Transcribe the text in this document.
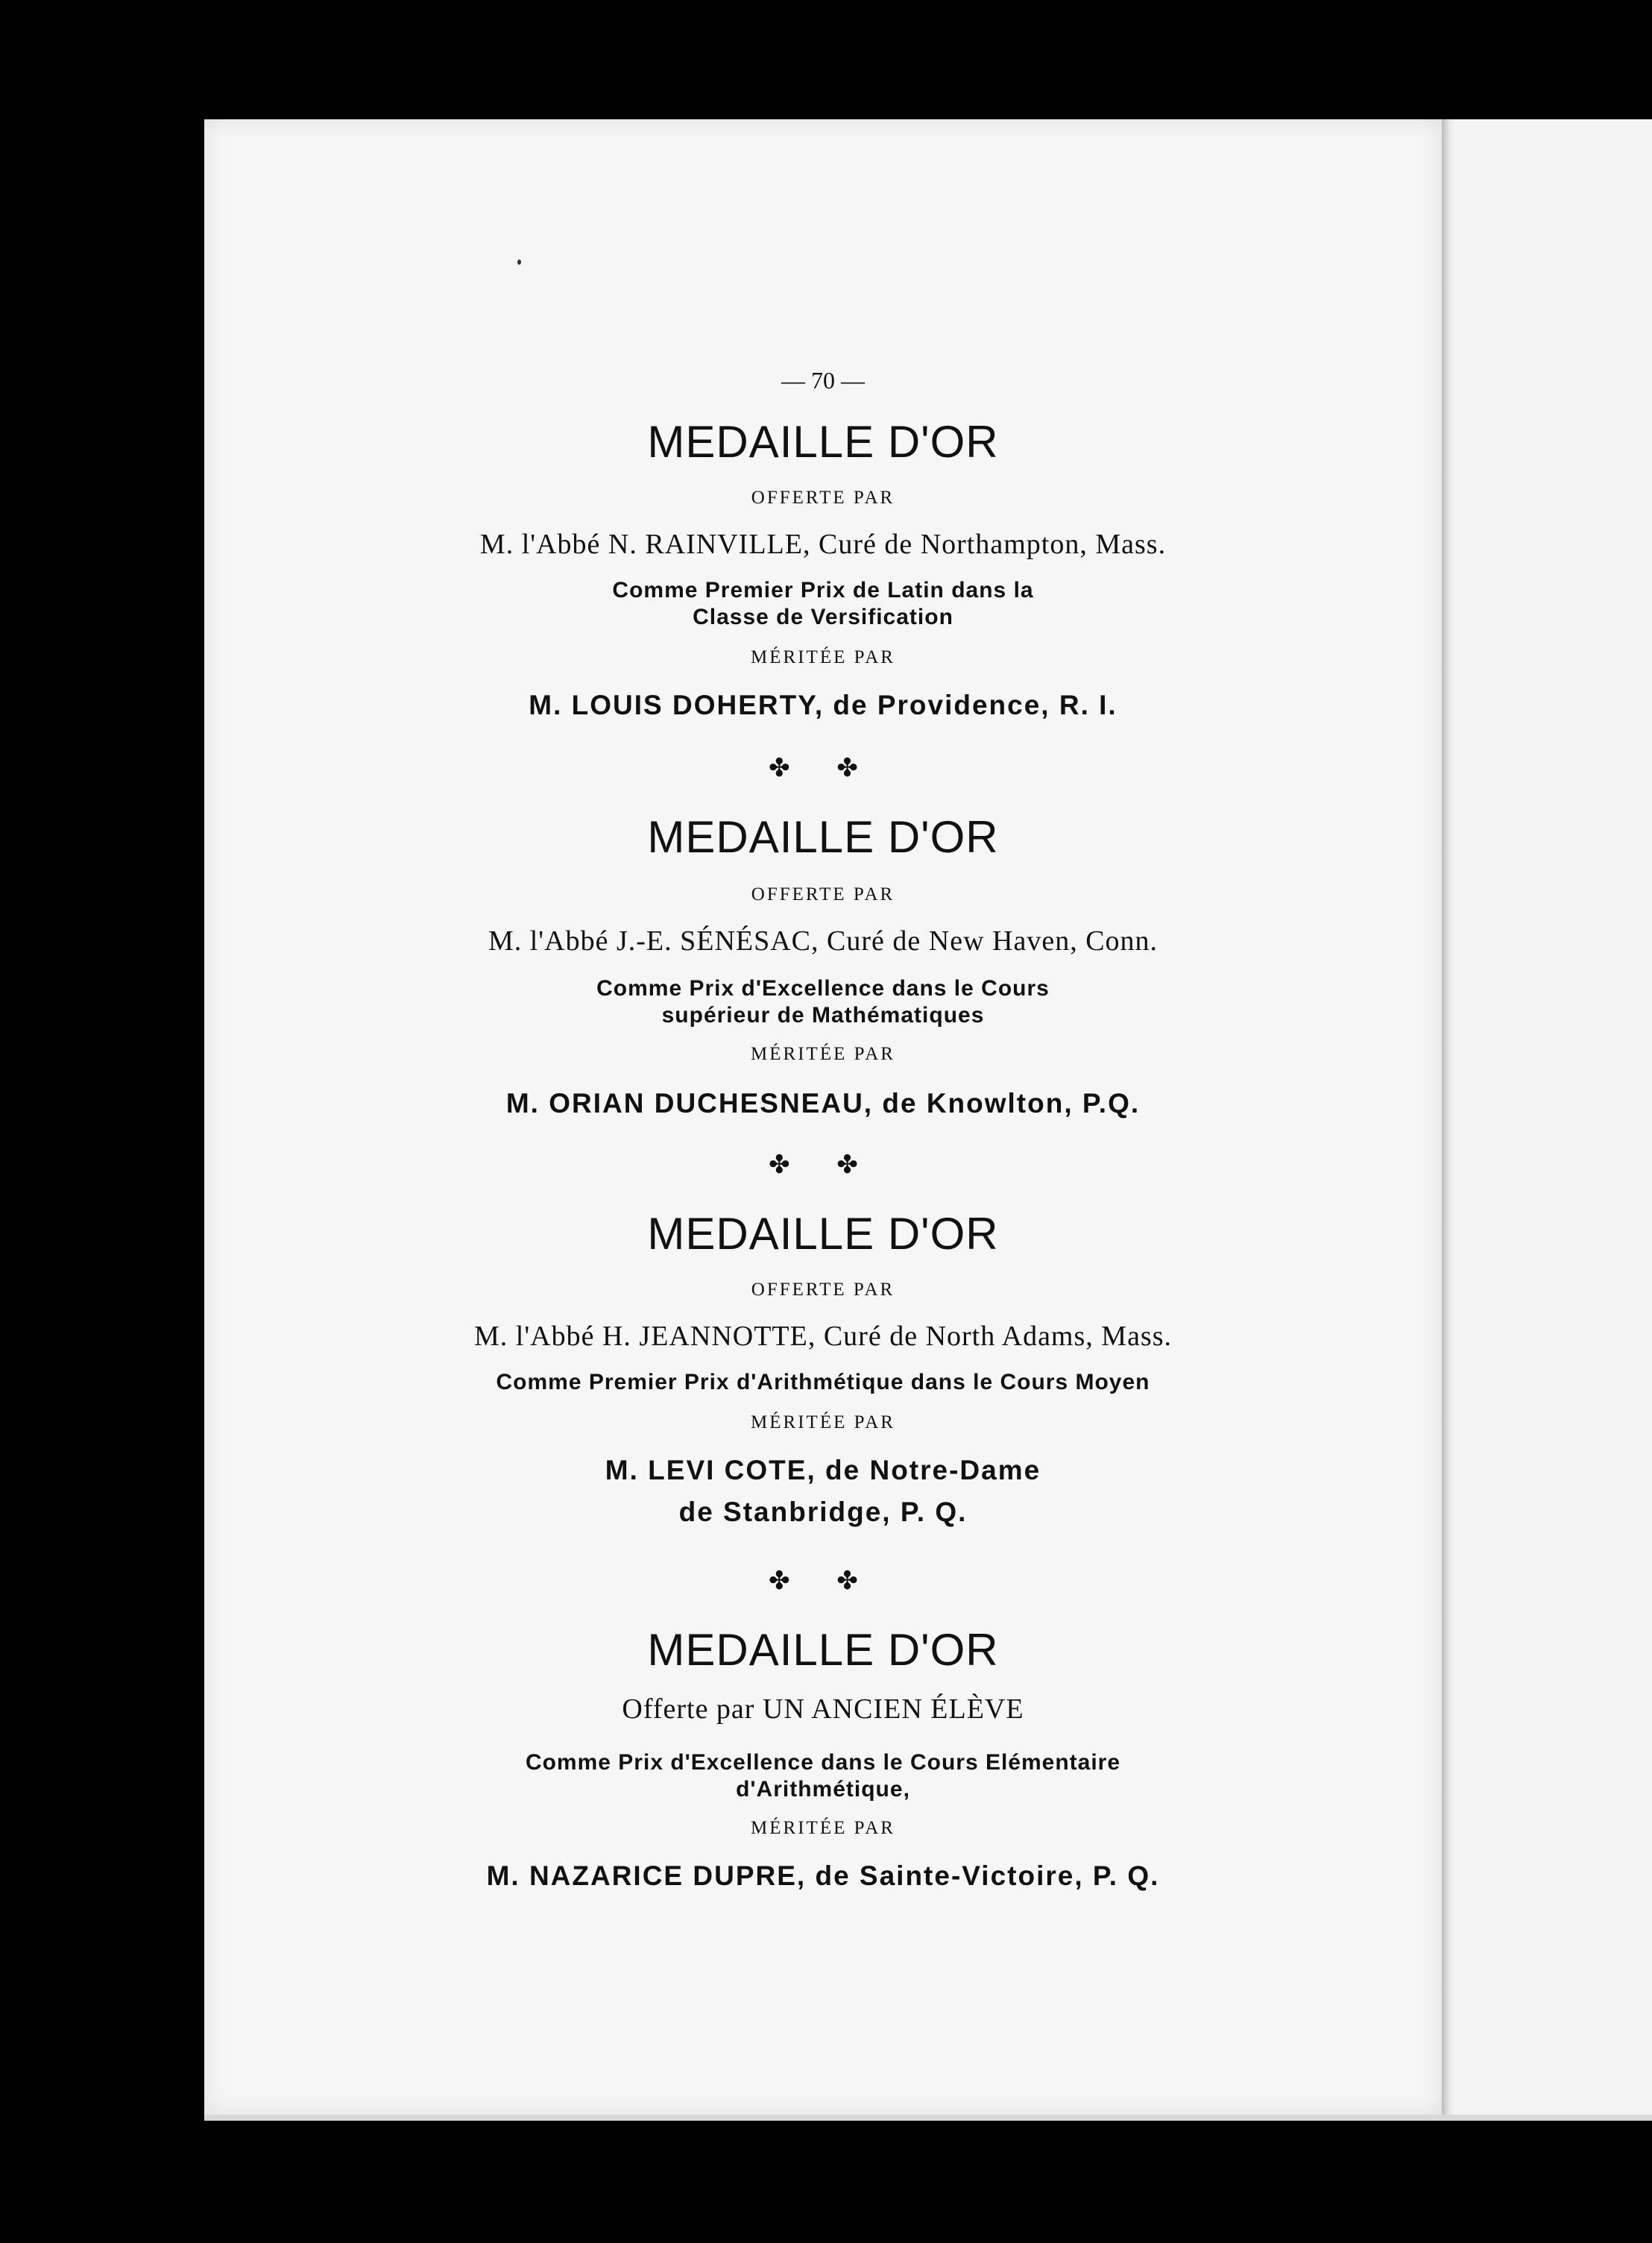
— 70 —
MEDAILLE D'OR
OFFERTE PAR
M. l'Abbé N. RAINVILLE, Curé de Northampton, Mass.
Comme Premier Prix de Latin dans la
Classe de Versification
MÉRITÉE PAR
M. LOUIS DOHERTY, de Providence, R. I.
✤ ✤
MEDAILLE D'OR
OFFERTE PAR
M. l'Abbé J.-E. SÉNÉSAC, Curé de New Haven, Conn.
Comme Prix d'Excellence dans le Cours
supérieur de Mathématiques
MÉRITÉE PAR
M. ORIAN DUCHESNEAU, de Knowlton, P.Q.
✤ ✤
MEDAILLE D'OR
OFFERTE PAR
M. l'Abbé H. JEANNOTTE, Curé de North Adams, Mass.
Comme Premier Prix d'Arithmétique dans le Cours Moyen
MÉRITÉE PAR
M. LEVI COTE, de Notre-Dame
de Stanbridge, P. Q.
✤ ✤
MEDAILLE D'OR
Offerte par UN ANCIEN ÉLÈVE
Comme Prix d'Excellence dans le Cours Elémentaire
d'Arithmétique,
MÉRITÉE PAR
M. NAZARICE DUPRE, de Sainte-Victoire, P. Q.
